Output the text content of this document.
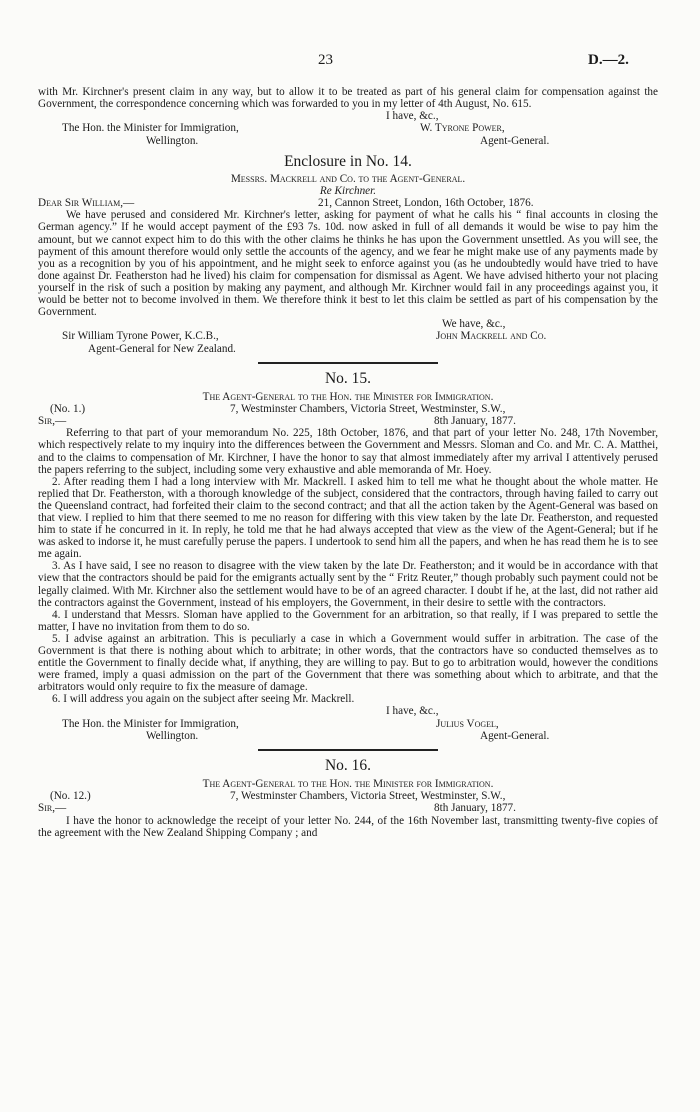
23	D.—2.

with Mr. Kirchner's present claim in any way, but to allow it to be treated as part of his general claim for compensation against the Government, the correspondence concerning which was forwarded to you in my letter of 4th August, No. 615.

I have, &c.,
The Hon. the Minister for Immigration,	W. Tyrone Power,
Wellington.	Agent-General.
Enclosure in No. 14.
Messrs. Mackrell and Co. to the Agent-General.
Re Kirchner.
Dear Sir William,—	21, Cannon Street, London, 16th October, 1876.

We have perused and considered Mr. Kirchner's letter, asking for payment of what he calls his “ final accounts in closing the German agency.” If he would accept payment of the £93 7s. 10d. now asked in full of all demands it would be wise to pay him the amount, but we cannot expect him to do this with the other claims he thinks he has upon the Government unsettled. As you will see, the payment of this amount therefore would only settle the accounts of the agency, and we fear he might make use of any payments made by you as a recognition by you of his appointment, and he might seek to enforce against you (as he undoubtedly would have tried to have done against Dr. Featherston had he lived) his claim for compensation for dismissal as Agent. We have advised hitherto your not placing yourself in the risk of such a position by making any payment, and although Mr. Kirchner would fail in any proceedings against you, it would be better not to become involved in them. We therefore think it best to let this claim be settled as part of his compensation by the Government.

We have, &c.,
Sir William Tyrone Power, K.C.B.,	John Mackrell and Co.
Agent-General for New Zealand.
No. 15.
The Agent-General to the Hon. the Minister for Immigration.
(No. 1.)	7, Westminster Chambers, Victoria Street, Westminster, S.W.,
Sir,—	8th January, 1877.

Referring to that part of your memorandum No. 225, 18th October, 1876, and that part of your letter No. 248, 17th November, which respectively relate to my inquiry into the differences between the Government and Messrs. Sloman and Co. and Mr. C. A. Matthei, and to the claims to compensation of Mr. Kirchner, I have the honor to say that almost immediately after my arrival I attentively perused the papers referring to the subject, including some very exhaustive and able memoranda of Mr. Hoey.

2. After reading them I had a long interview with Mr. Mackrell. I asked him to tell me what he thought about the whole matter. He replied that Dr. Featherston, with a thorough knowledge of the subject, considered that the contractors, through having failed to carry out the Queensland contract, had forfeited their claim to the second contract; and that all the action taken by the Agent-General was based on that view. I replied to him that there seemed to me no reason for differing with this view taken by the late Dr. Featherston, and requested him to state if he concurred in it. In reply, he told me that he had always accepted that view as the view of the Agent-General; but if he was asked to indorse it, he must carefully peruse the papers. I undertook to send him all the papers, and when he has read them he is to see me again.

3. As I have said, I see no reason to disagree with the view taken by the late Dr. Featherston; and it would be in accordance with that view that the contractors should be paid for the emigrants actually sent by the “ Fritz Reuter,” though probably such payment could not be legally claimed. With Mr. Kirchner also the settlement would have to be of an agreed character. I doubt if he, at the last, did not rather aid the contractors against the Government, instead of his employers, the Government, in their desire to settle with the contractors.

4. I understand that Messrs. Sloman have applied to the Government for an arbitration, so that really, if I was prepared to settle the matter, I have no invitation from them to do so.

5. I advise against an arbitration. This is peculiarly a case in which a Government would suffer in arbitration. The case of the Government is that there is nothing about which to arbitrate; in other words, that the contractors have so conducted themselves as to entitle the Government to finally decide what, if anything, they are willing to pay. But to go to arbitration would, however the conditions were framed, imply a quasi admission on the part of the Government that there was something about which to arbitrate, and that the arbitrators would only require to fix the measure of damage.

6. I will address you again on the subject after seeing Mr. Mackrell.

I have, &c.,
The Hon. the Minister for Immigration,	Julius Vogel,
Wellington.	Agent-General.
No. 16.
The Agent-General to the Hon. the Minister for Immigration.
(No. 12.)	7, Westminster Chambers, Victoria Street, Westminster, S.W.,
Sir,—	8th January, 1877.

I have the honor to acknowledge the receipt of your letter No. 244, of the 16th November last, transmitting twenty-five copies of the agreement with the New Zealand Shipping Company ; and
